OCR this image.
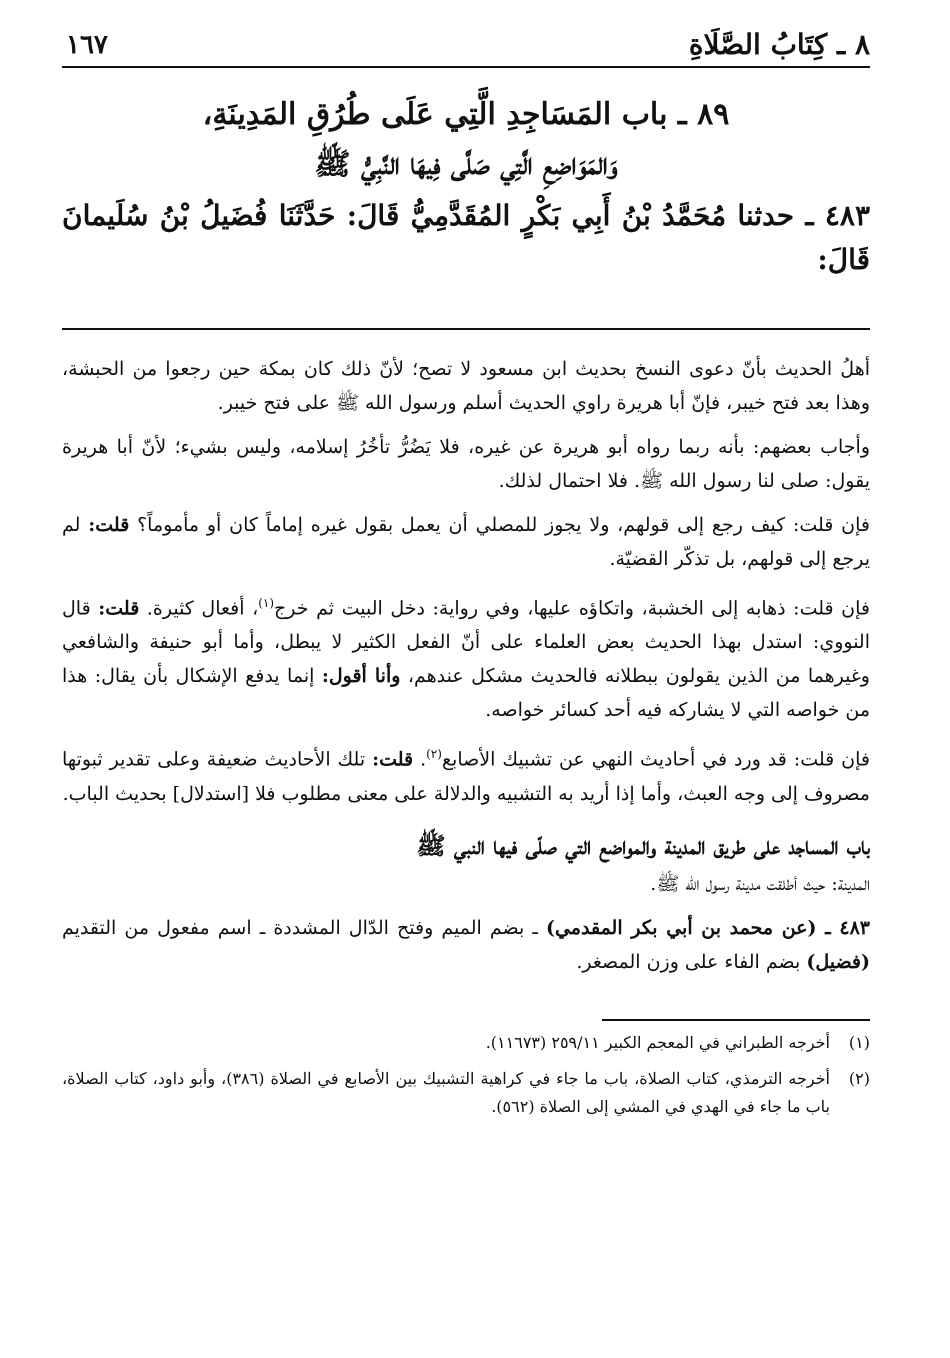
٨ ـ كِتَابُ الصَّلَاةِ
١٦٧
٨٩ ـ باب المَسَاجِدِ الَّتِي عَلَى طُرُقِ المَدِينَةِ،
وَالمَوَاضِعِ الَّتِي صَلَّى فِيهَا النَّبِيُّ ﷺ
٤٨٣ ـ حدثنا مُحَمَّدُ بْنُ أَبِي بَكْرٍ المُقَدَّمِيُّ قَالَ: حَدَّثَنَا فُضَيلُ بْنُ سُلَيمانَ قَالَ:

أهلُ الحديث بأنّ دعوى النسخ بحديث ابن مسعود لا تصح؛ لأنّ ذلك كان بمكة حين رجعوا من الحبشة، وهذا بعد فتح خيبر، فإنّ أبا هريرة راوي الحديث أسلم ورسول الله ﷺ على فتح خيبر.

وأجاب بعضهم: بأنه ربما رواه أبو هريرة عن غيره، فلا يَضُرُّ تأخُرُ إسلامه، وليس بشيء؛ لأنّ أبا هريرة يقول: صلى لنا رسول الله ﷺ. فلا احتمال لذلك.

فإن قلت: كيف رجع إلى قولهم، ولا يجوز للمصلي أن يعمل بقول غيره إماماً كان أو مأموماً؟ قلت: لم يرجع إلى قولهم، بل تذكّر القضيّة.

فإن قلت: ذهابه إلى الخشبة، واتكاؤه عليها، وفي رواية: دخل البيت ثم خرج$^{(١)}$، أفعال كثيرة. قلت: قال النووي: استدل بهذا الحديث بعض العلماء على أنّ الفعل الكثير لا يبطل، وأما أبو حنيفة والشافعي وغيرهما من الذين يقولون ببطلانه فالحديث مشكل عندهم، وأنا أقول: إنما يدفع الإشكال بأن يقال: هذا من خواصه التي لا يشاركه فيه أحد كسائر خواصه.

فإن قلت: قد ورد في أحاديث النهي عن تشبيك الأصابع$^{(٢)}$. قلت: تلك الأحاديث ضعيفة وعلى تقدير ثبوتها مصروف إلى وجه العبث، وأما إذا أريد به التشبيه والدلالة على معنى مطلوب فلا [استدلال] بحديث الباب.

باب المساجد على طريق المدينة والمواضع التي صلّى فيها النبي ﷺ

المدينة: حيث أطلقت مدينة رسول الله ﷺ.

٤٨٣ ـ (عن محمد بن أبي بكر المقدمي) ـ بضم الميم وفتح الدّال المشددة ـ اسم مفعول من التقديم (فضيل) بضم الفاء على وزن المصغر.

(١)
أخرجه الطبراني في المعجم الكبير ٢٥٩/١١ (١١٦٧٣).
(٢)
أخرجه الترمذي، كتاب الصلاة، باب ما جاء في كراهية التشبيك بين الأصابع في الصلاة (٣٨٦)، وأبو داود، كتاب الصلاة، باب ما جاء في الهدي في المشي إلى الصلاة (٥٦٢).
